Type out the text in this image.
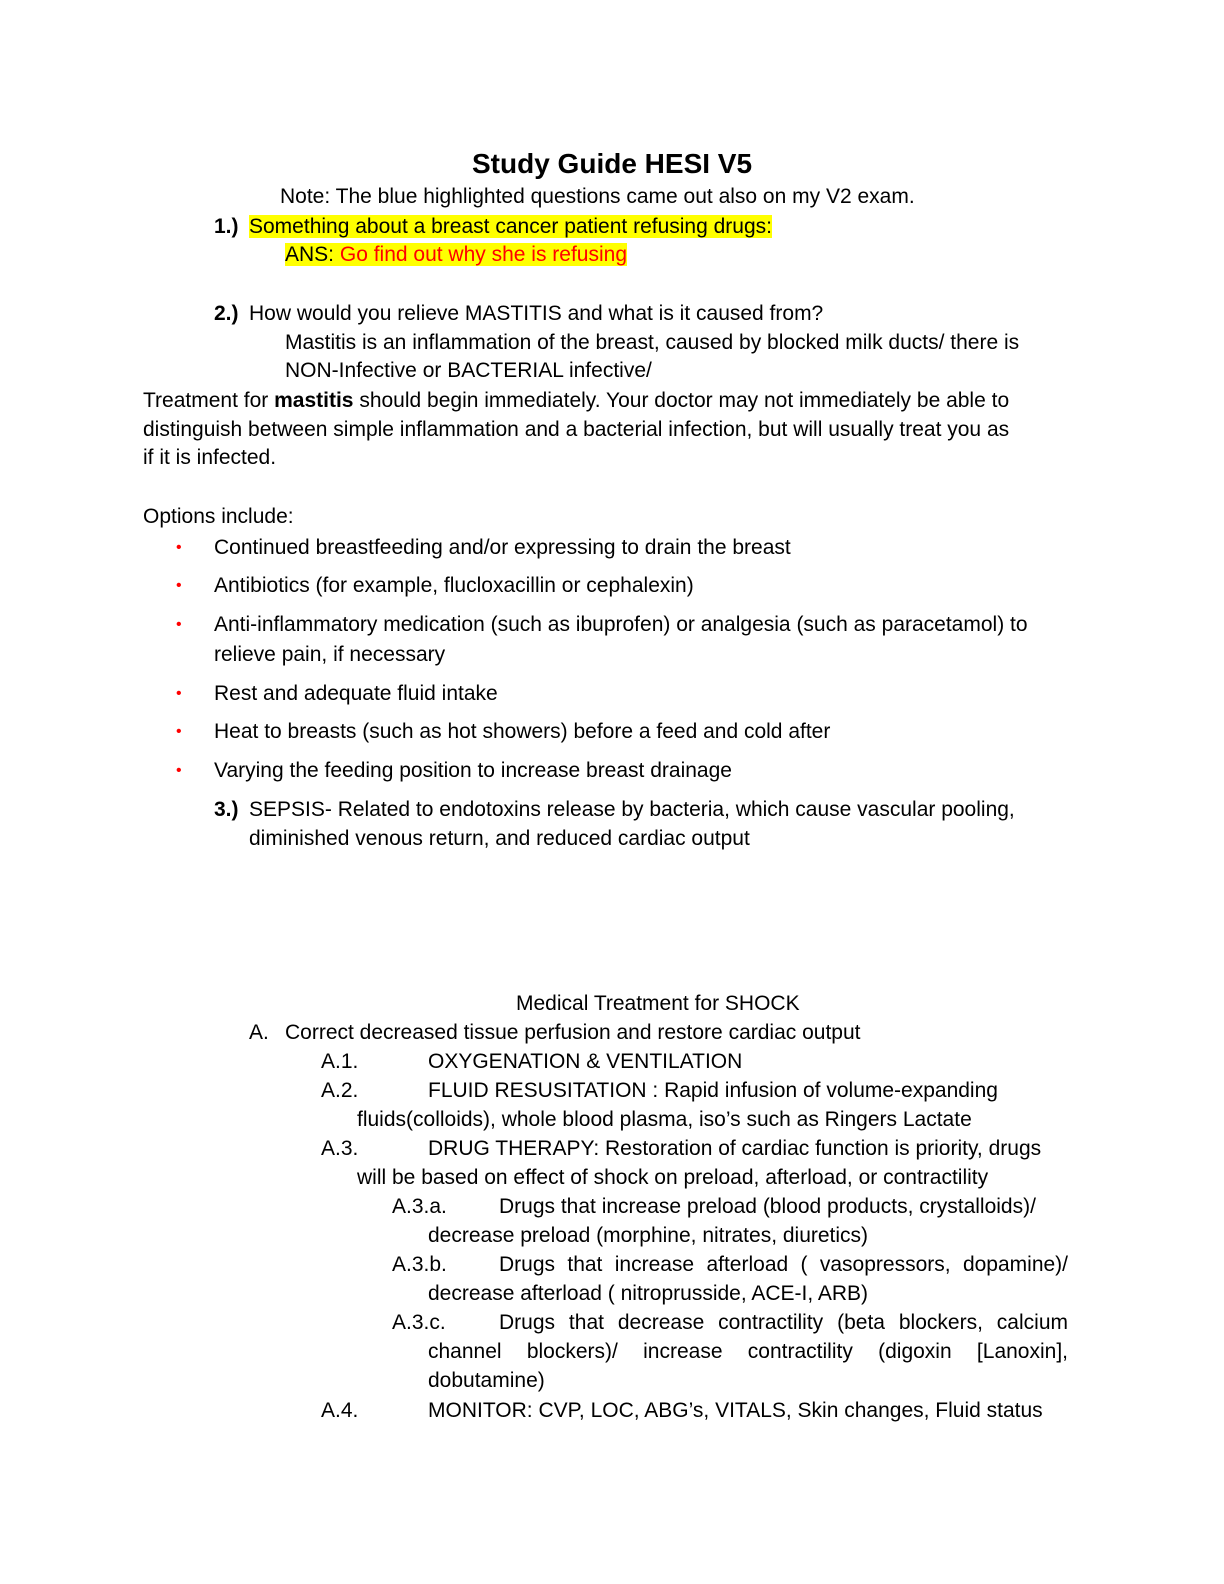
Study Guide HESI V5
Note: The blue highlighted questions came out also on my V2 exam.
1.) Something about a breast cancer patient refusing drugs:
ANS: Go find out why she is refusing
2.) How would you relieve MASTITIS and what is it caused from?
Mastitis is an inflammation of the breast, caused by blocked milk ducts/ there is
NON-Infective or BACTERIAL infective/
Treatment for mastitis should begin immediately. Your doctor may not immediately be able to
distinguish between simple inflammation and a bacterial infection, but will usually treat you as
if it is infected.
Options include:
• Continued breastfeeding and/or expressing to drain the breast
• Antibiotics (for example, flucloxacillin or cephalexin)
• Anti-inflammatory medication (such as ibuprofen) or analgesia (such as paracetamol) to
relieve pain, if necessary
• Rest and adequate fluid intake
• Heat to breasts (such as hot showers) before a feed and cold after
• Varying the feeding position to increase breast drainage
3.) SEPSIS- Related to endotoxins release by bacteria, which cause vascular pooling,
diminished venous return, and reduced cardiac output
Medical Treatment for SHOCK
A. Correct decreased tissue perfusion and restore cardiac output
A.1.	OXYGENATION & VENTILATION
A.2.	FLUID RESUSITATION : Rapid infusion of volume-expanding
fluids(colloids), whole blood plasma, iso’s such as Ringers Lactate
A.3.	DRUG THERAPY: Restoration of cardiac function is priority, drugs
will be based on effect of shock on preload, afterload, or contractility
A.3.a. Drugs that increase preload (blood products, crystalloids)/
decrease preload (morphine, nitrates, diuretics)
A.3.b. Drugs that increase afterload ( vasopressors, dopamine)/
decrease afterload ( nitroprusside, ACE-I, ARB)
A.3.c.	Drugs that decrease contractility (beta blockers, calcium
channel blockers)/ increase contractility (digoxin [Lanoxin],
dobutamine)
A.4.	MONITOR: CVP, LOC, ABG’s, VITALS, Skin changes, Fluid status
